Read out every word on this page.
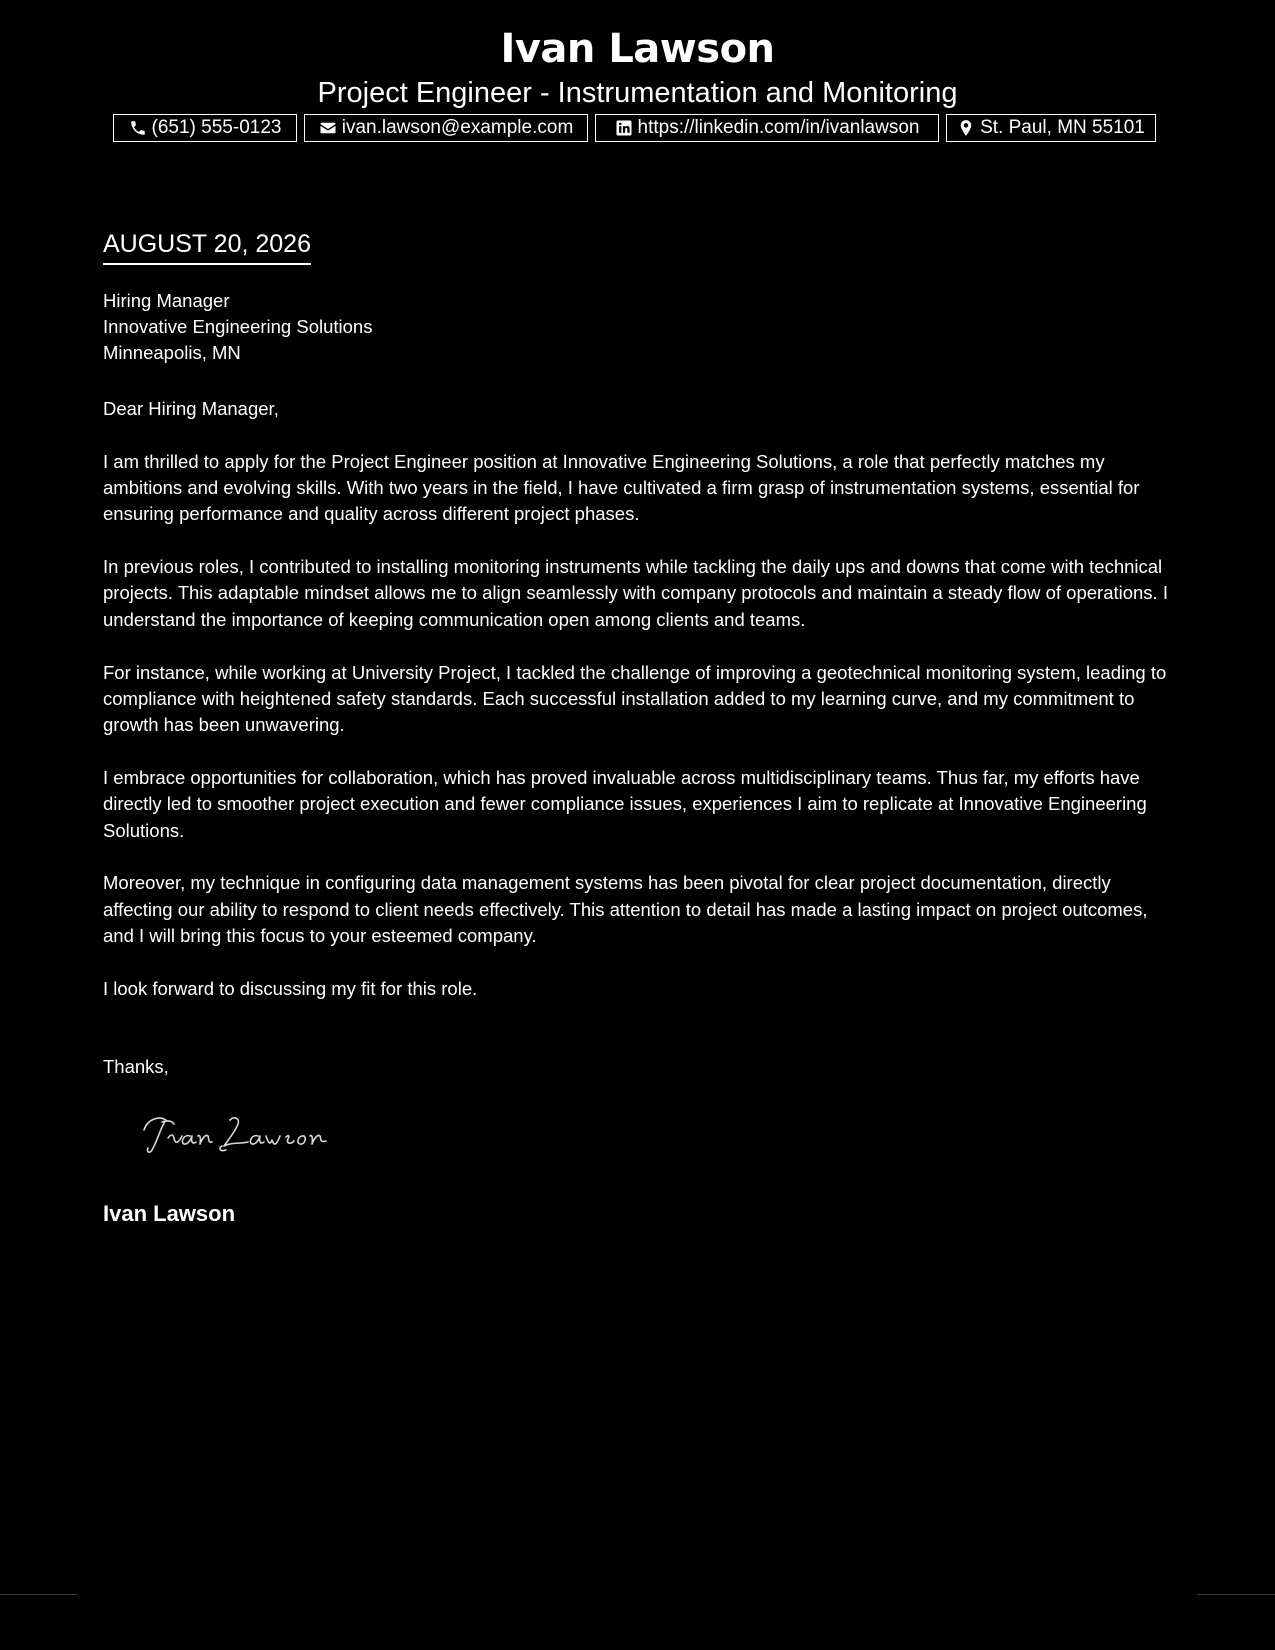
Ivan Lawson
Project Engineer - Instrumentation and Monitoring
(651) 555-0123	ivan.lawson@example.com	https://linkedin.com/in/ivanlawson	St. Paul, MN 55101
AUGUST 20, 2026
Hiring Manager
Innovative Engineering Solutions
Minneapolis, MN

Dear Hiring Manager,

I am thrilled to apply for the Project Engineer position at Innovative Engineering Solutions, a role that perfectly matches my ambitions and evolving skills. With two years in the field, I have cultivated a firm grasp of instrumentation systems, essential for ensuring performance and quality across different project phases.

In previous roles, I contributed to installing monitoring instruments while tackling the daily ups and downs that come with technical projects. This adaptable mindset allows me to align seamlessly with company protocols and maintain a steady flow of operations. I understand the importance of keeping communication open among clients and teams.

For instance, while working at University Project, I tackled the challenge of improving a geotechnical monitoring system, leading to compliance with heightened safety standards. Each successful installation added to my learning curve, and my commitment to growth has been unwavering.

I embrace opportunities for collaboration, which has proved invaluable across multidisciplinary teams. Thus far, my efforts have directly led to smoother project execution and fewer compliance issues, experiences I aim to replicate at Innovative Engineering Solutions.

Moreover, my technique in configuring data management systems has been pivotal for clear project documentation, directly affecting our ability to respond to client needs effectively. This attention to detail has made a lasting impact on project outcomes, and I will bring this focus to your esteemed company.

I look forward to discussing my fit for this role.

Thanks,
Ivan Lawson
